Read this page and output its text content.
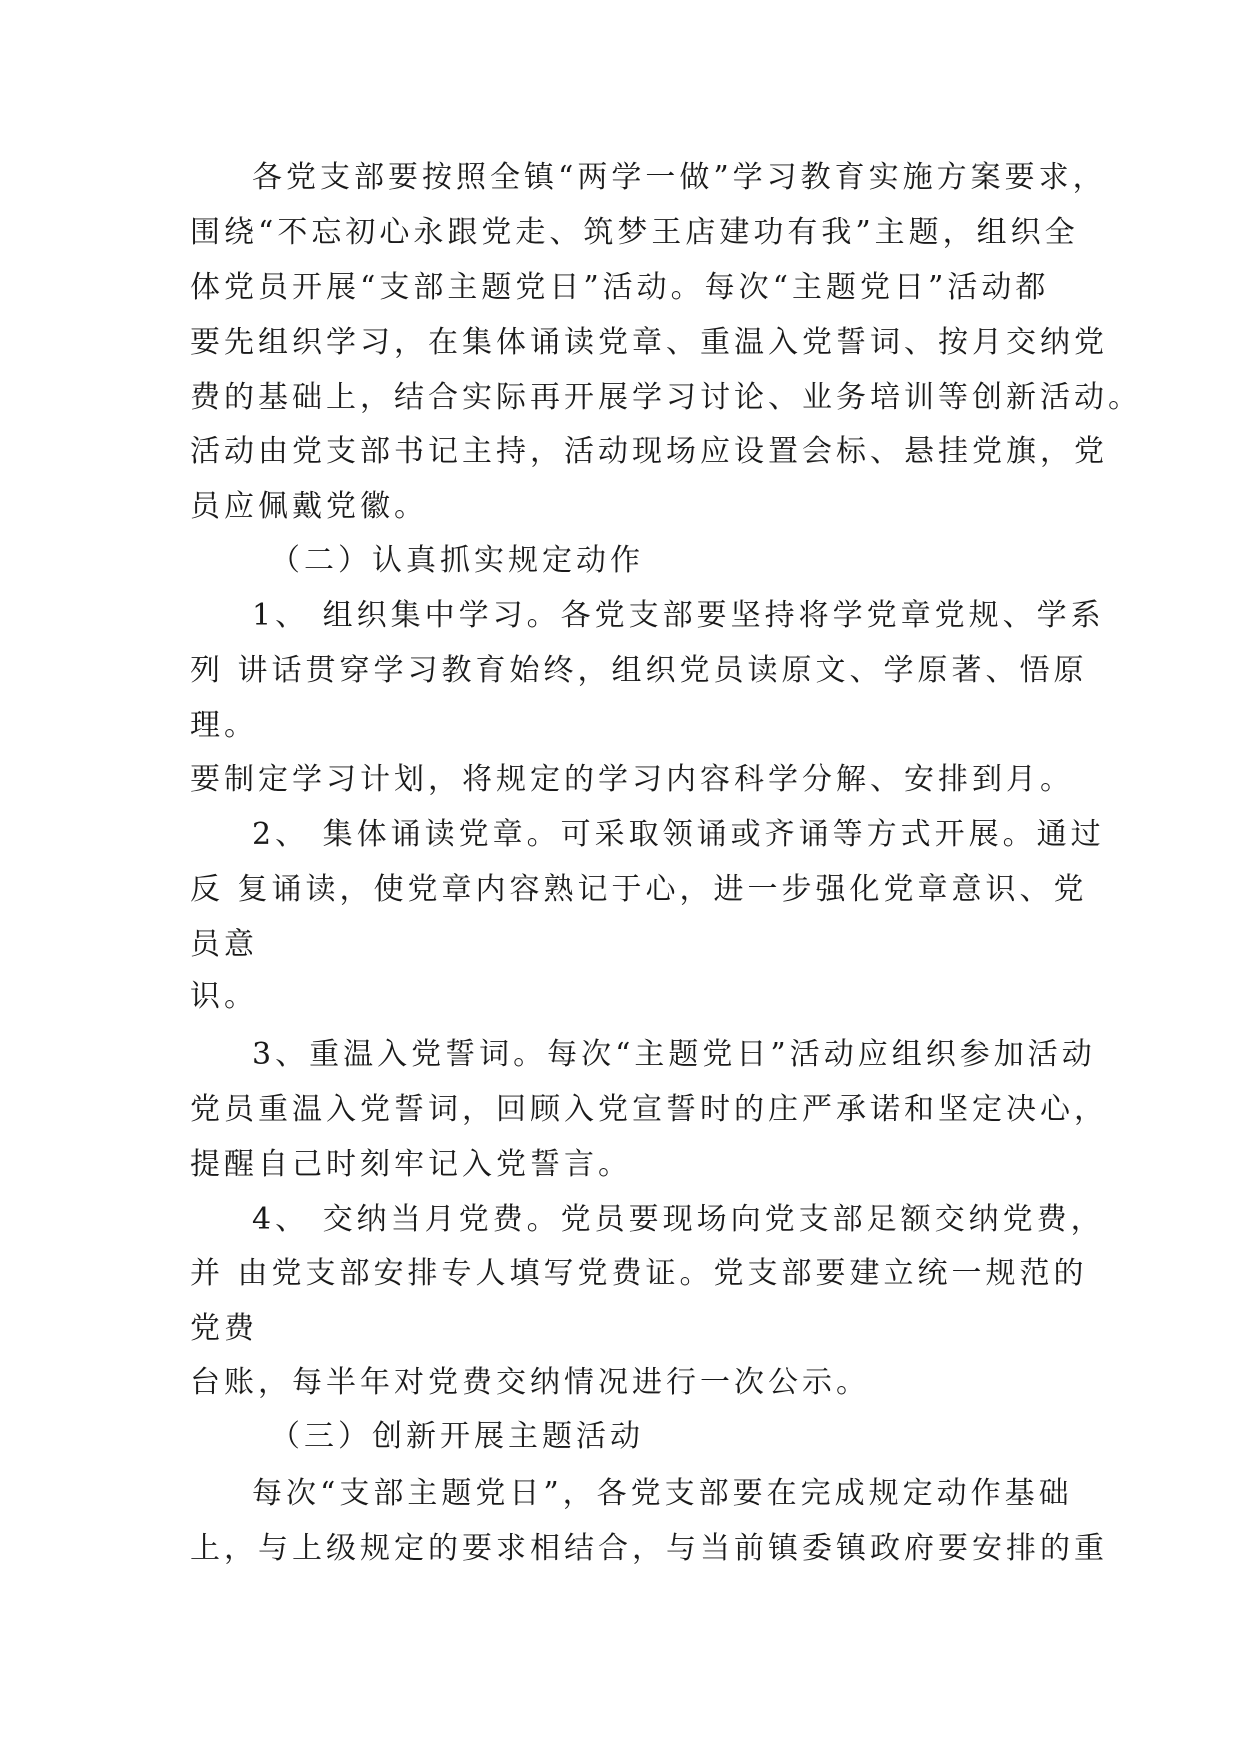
各党支部要按照全镇“两学一做”学习教育实施方案要求，

围绕“不忘初心永跟党走、筑梦王店建功有我”主题，组织全

体党员开展“支部主题党日”活动。每次“主题党日”活动都

要先组织学习，在集体诵读党章、重温入党誓词、按月交纳党

费的基础上，结合实际再开展学习讨论、业务培训等创新活动。

活动由党支部书记主持，活动现场应设置会标、悬挂党旗，党

员应佩戴党徽。

（二）认真抓实规定动作

1、 组织集中学习。各党支部要坚持将学党章党规、学系

列 讲话贯穿学习教育始终，组织党员读原文、学原著、悟原

理。

要制定学习计划，将规定的学习内容科学分解、安排到月。

2、 集体诵读党章。可采取领诵或齐诵等方式开展。通过

反 复诵读，使党章内容熟记于心，进一步强化党章意识、党

员意

识。

3、重温入党誓词。每次“主题党日”活动应组织参加活动

党员重温入党誓词，回顾入党宣誓时的庄严承诺和坚定决心，

提醒自己时刻牢记入党誓言。

4、 交纳当月党费。党员要现场向党支部足额交纳党费，

并 由党支部安排专人填写党费证。党支部要建立统一规范的

党费

台账，每半年对党费交纳情况进行一次公示。

（三）创新开展主题活动

每次“支部主题党日”，各党支部要在完成规定动作基础

上，与上级规定的要求相结合，与当前镇委镇政府要安排的重
